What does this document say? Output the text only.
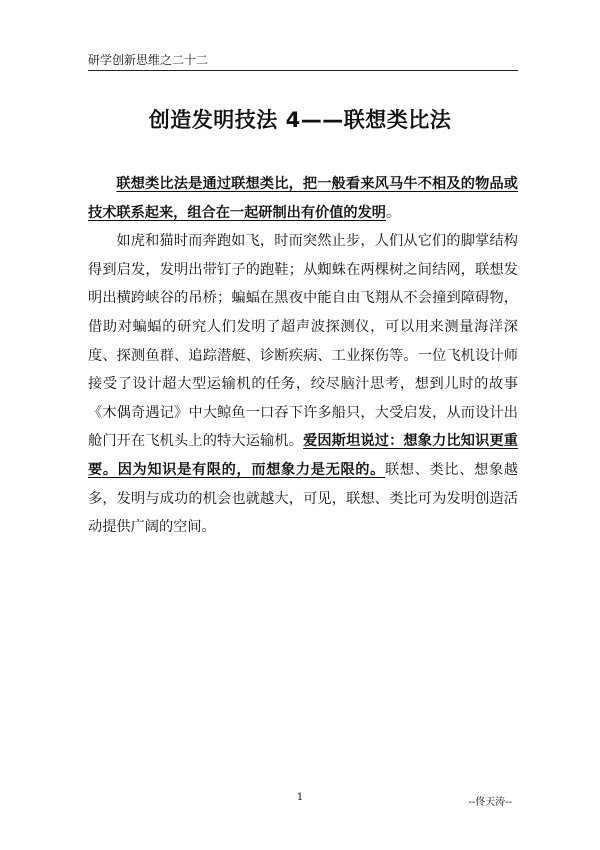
研学创新思维之二十二
创造发明技法 4——联想类比法

联想类比法是通过联想类比，把一般看来风马牛不相及的物品或技术联系起来，组合在一起研制出有价值的发明。

如虎和猫时而奔跑如飞，时而突然止步，人们从它们的脚掌结构得到启发，发明出带钉子的跑鞋；从蜘蛛在两棵树之间结网，联想发明出横跨峡谷的吊桥；蝙蝠在黑夜中能自由飞翔从不会撞到障碍物，借助对蝙蝠的研究人们发明了超声波探测仪，可以用来测量海洋深度、探测鱼群、追踪潜艇、诊断疾病、工业探伤等。一位飞机设计师接受了设计超大型运输机的任务，绞尽脑汁思考，想到儿时的故事《木偶奇遇记》中大鲸鱼一口吞下许多船只，大受启发，从而设计出舱门开在飞机头上的特大运输机。爱因斯坦说过：想象力比知识更重要。因为知识是有限的，而想象力是无限的。联想、类比、想象越多，发明与成功的机会也就越大，可见，联想、类比可为发明创造活动提供广阔的空间。

1	--佟天涛--
